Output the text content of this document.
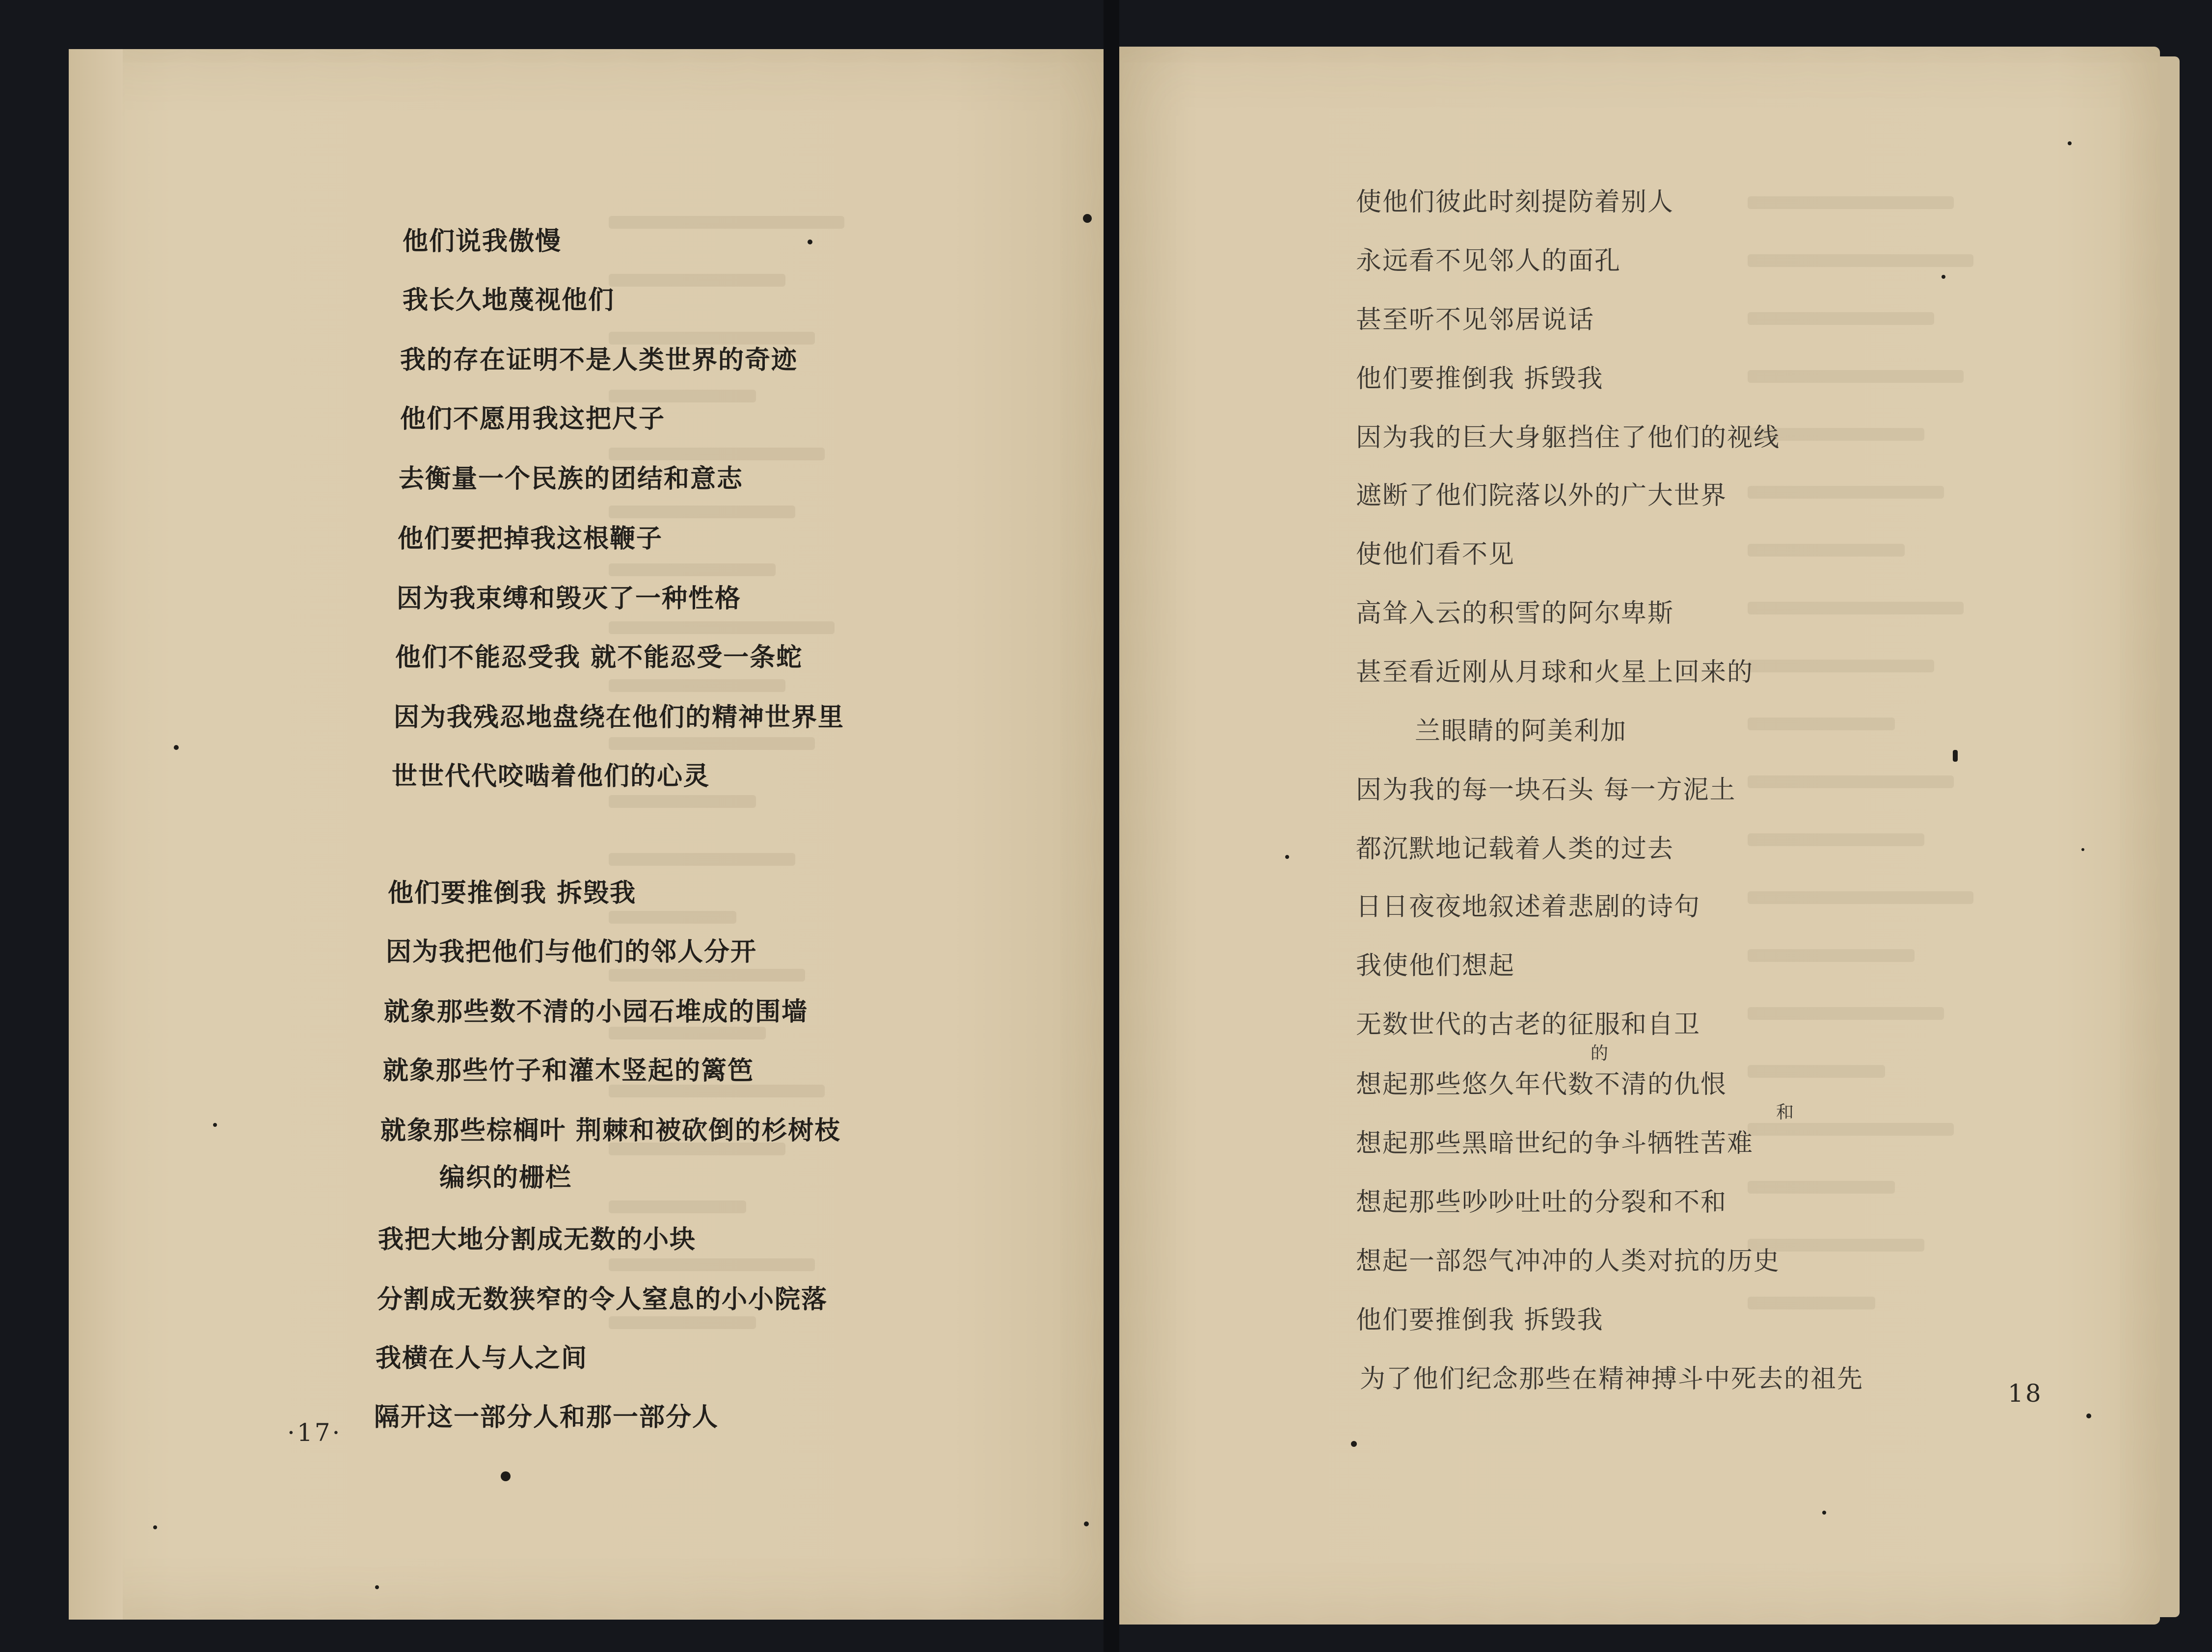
他们说我傲慢
我长久地蔑视他们
我的存在证明不是人类世界的奇迹
他们不愿用我这把尺子
去衡量一个民族的团结和意志
他们要把掉我这根鞭子
因为我束缚和毁灭了一种性格
他们不能忍受我 就不能忍受一条蛇
因为我残忍地盘绕在他们的精神世界里
世世代代咬啮着他们的心灵
他们要推倒我 拆毁我
因为我把他们与他们的邻人分开
就象那些数不清的小园石堆成的围墙
就象那些竹子和灌木竖起的篱笆
就象那些棕榈叶 荆棘和被砍倒的杉树枝
编织的栅栏
我把大地分割成无数的小块
分割成无数狭窄的令人窒息的小小院落
我横在人与人之间
隔开这一部分人和那一部分人
·17·
使他们彼此时刻提防着别人
永远看不见邻人的面孔
甚至听不见邻居说话
他们要推倒我 拆毁我
因为我的巨大身躯挡住了他们的视线
遮断了他们院落以外的广大世界
使他们看不见
高耸入云的积雪的阿尔卑斯
甚至看近刚从月球和火星上回来的
兰眼睛的阿美利加
因为我的每一块石头 每一方泥土
都沉默地记载着人类的过去
日日夜夜地叙述着悲剧的诗句
我使他们想起
无数世代的古老的征服和自卫
想起那些悠久年代数不清的仇恨
想起那些黑暗世纪的争斗牺牲苦难
想起那些吵吵吐吐的分裂和不和
想起一部怨气冲冲的人类对抗的历史
他们要推倒我 拆毁我
为了他们纪念那些在精神搏斗中死去的祖先
的
和
18
